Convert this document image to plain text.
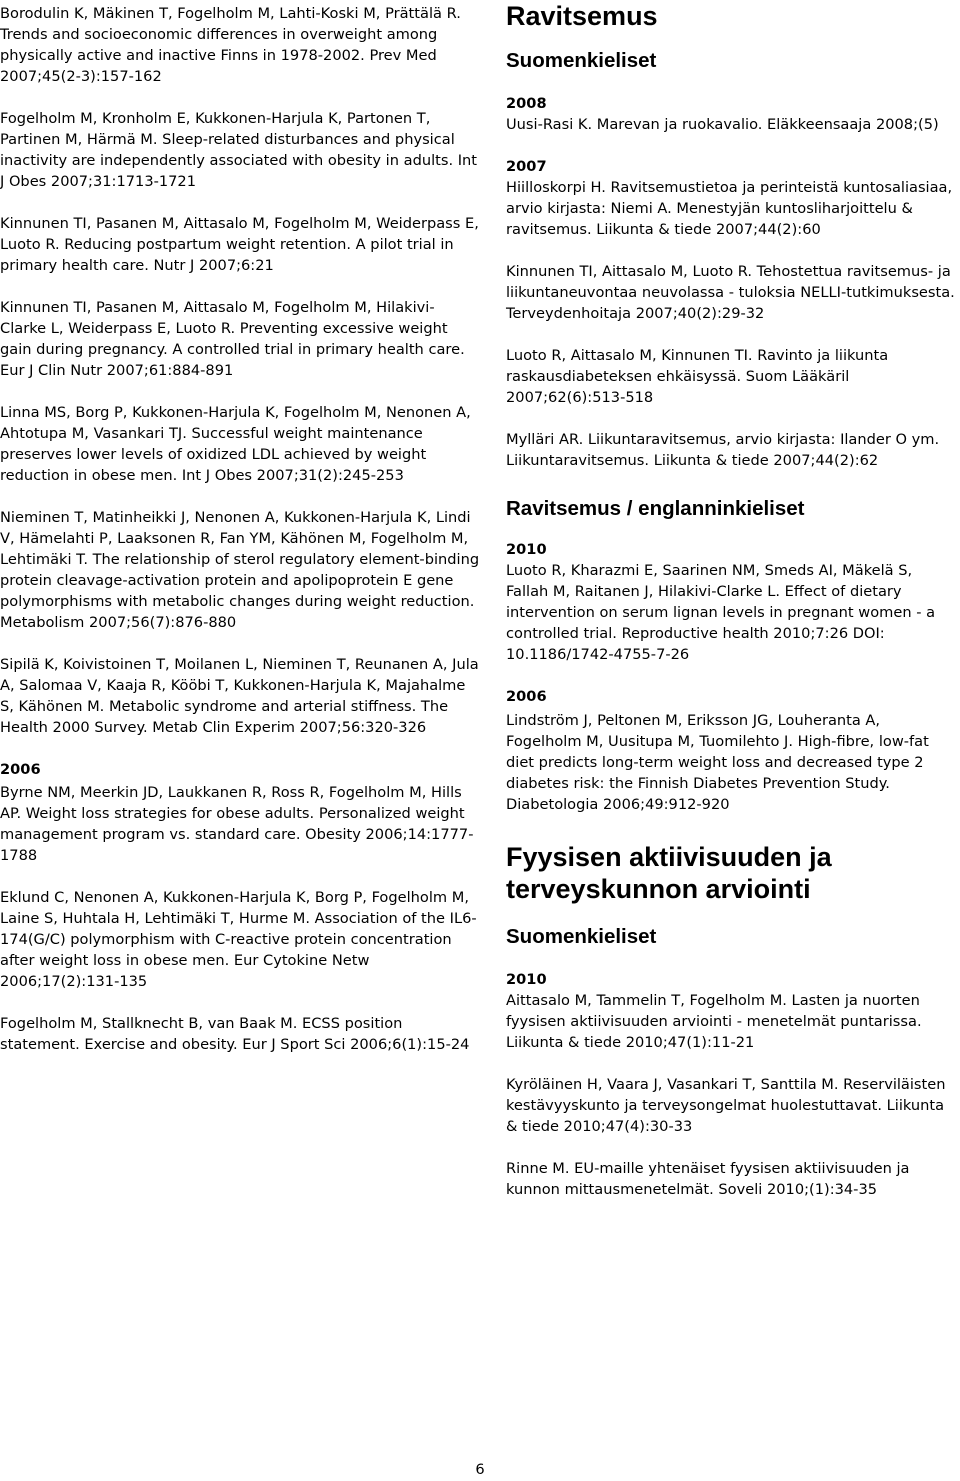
Borodulin K, Mäkinen T, Fogelholm M, Lahti-Koski M, Prättälä R. Trends and socioeconomic differences in overweight among physically active and inactive Finns in 1978-2002. Prev Med 2007;45(2-3):157-162

Fogelholm M, Kronholm E, Kukkonen-Harjula K, Partonen T, Partinen M, Härmä M. Sleep-related disturbances and physical inactivity are independently associated with obesity in adults. Int J Obes 2007;31:1713-1721

Kinnunen TI, Pasanen M, Aittasalo M, Fogelholm M, Weiderpass E, Luoto R. Reducing postpartum weight retention. A pilot trial in primary health care. Nutr J 2007;6:21

Kinnunen TI, Pasanen M, Aittasalo M, Fogelholm M, Hilakivi-Clarke L, Weiderpass E, Luoto R. Preventing excessive weight gain during pregnancy. A controlled trial in primary health care. Eur J Clin Nutr 2007;61:884-891

Linna MS, Borg P, Kukkonen-Harjula K, Fogelholm M, Nenonen A, Ahtotupa M, Vasankari TJ. Successful weight maintenance preserves lower levels of oxidized LDL achieved by weight reduction in obese men. Int J Obes 2007;31(2):245-253

Nieminen T, Matinheikki J, Nenonen A, Kukkonen-Harjula K, Lindi V, Hämelahti P, Laaksonen R, Fan YM, Kähönen M, Fogelholm M, Lehtimäki T. The relationship of sterol regulatory element-binding protein cleavage-activation protein and apolipoprotein E gene polymorphisms with metabolic changes during weight reduction. Metabolism 2007;56(7):876-880

Sipilä K, Koivistoinen T, Moilanen L, Nieminen T, Reunanen A, Jula A, Salomaa V, Kaaja R, Kööbi T, Kukkonen-Harjula K, Majahalme S, Kähönen M. Metabolic syndrome and arterial stiffness. The Health 2000 Survey. Metab Clin Experim 2007;56:320-326

2006

Byrne NM, Meerkin JD, Laukkanen R, Ross R, Fogelholm M, Hills AP. Weight loss strategies for obese adults. Personalized weight management program vs. standard care. Obesity 2006;14:1777-1788

Eklund C, Nenonen A, Kukkonen-Harjula K, Borg P, Fogelholm M, Laine S, Huhtala H, Lehtimäki T, Hurme M. Association of the IL6-174(G/C) polymorphism with C-reactive protein concentration after weight loss in obese men. Eur Cytokine Netw 2006;17(2):131-135

Fogelholm M, Stallknecht B, van Baak M. ECSS position statement. Exercise and obesity. Eur J Sport Sci 2006;6(1):15-24

Ravitsemus
Suomenkieliset

2008

Uusi-Rasi K. Marevan ja ruokavalio. Eläkkeensaaja 2008;(5)

2007

Hiilloskorpi H. Ravitsemustietoa ja perinteistä kuntosaliasiaa, arvio kirjasta: Niemi A. Menestyjän kuntosliharjoittelu & ravitsemus. Liikunta & tiede 2007;44(2):60

Kinnunen TI, Aittasalo M, Luoto R. Tehostettua ravitsemus- ja liikuntaneuvontaa neuvolassa - tuloksia NELLI-tutkimuksesta. Terveydenhoitaja 2007;40(2):29-32

Luoto R, Aittasalo M, Kinnunen TI. Ravinto ja liikunta raskausdiabeteksen ehkäisyssä. Suom Lääkäril 2007;62(6):513-518

Mylläri AR. Liikuntaravitsemus, arvio kirjasta: Ilander O ym. Liikuntaravitsemus. Liikunta & tiede 2007;44(2):62

Ravitsemus / englanninkieliset

2010

Luoto R, Kharazmi E, Saarinen NM, Smeds AI, Mäkelä S, Fallah M, Raitanen J, Hilakivi-Clarke L. Effect of dietary intervention on serum lignan levels in pregnant women - a controlled trial. Reproductive health 2010;7:26 DOI: 10.1186/1742-4755-7-26

2006

Lindström J, Peltonen M, Eriksson JG, Louheranta A, Fogelholm M, Uusitupa M, Tuomilehto J. High-fibre, low-fat diet predicts long-term weight loss and decreased type 2 diabetes risk: the Finnish Diabetes Prevention Study. Diabetologia 2006;49:912-920

Fyysisen aktiivisuuden ja terveyskunnon arviointi
Suomenkieliset

2010

Aittasalo M, Tammelin T, Fogelholm M. Lasten ja nuorten fyysisen aktiivisuuden arviointi - menetelmät puntarissa. Liikunta & tiede 2010;47(1):11-21

Kyröläinen H, Vaara J, Vasankari T, Santtila M. Reserviläisten kestävyyskunto ja terveysongelmat huolestuttavat. Liikunta & tiede 2010;47(4):30-33

Rinne M. EU-maille yhtenäiset fyysisen aktiivisuuden ja kunnon mittausmenetelmät. Soveli 2010;(1):34-35

6
